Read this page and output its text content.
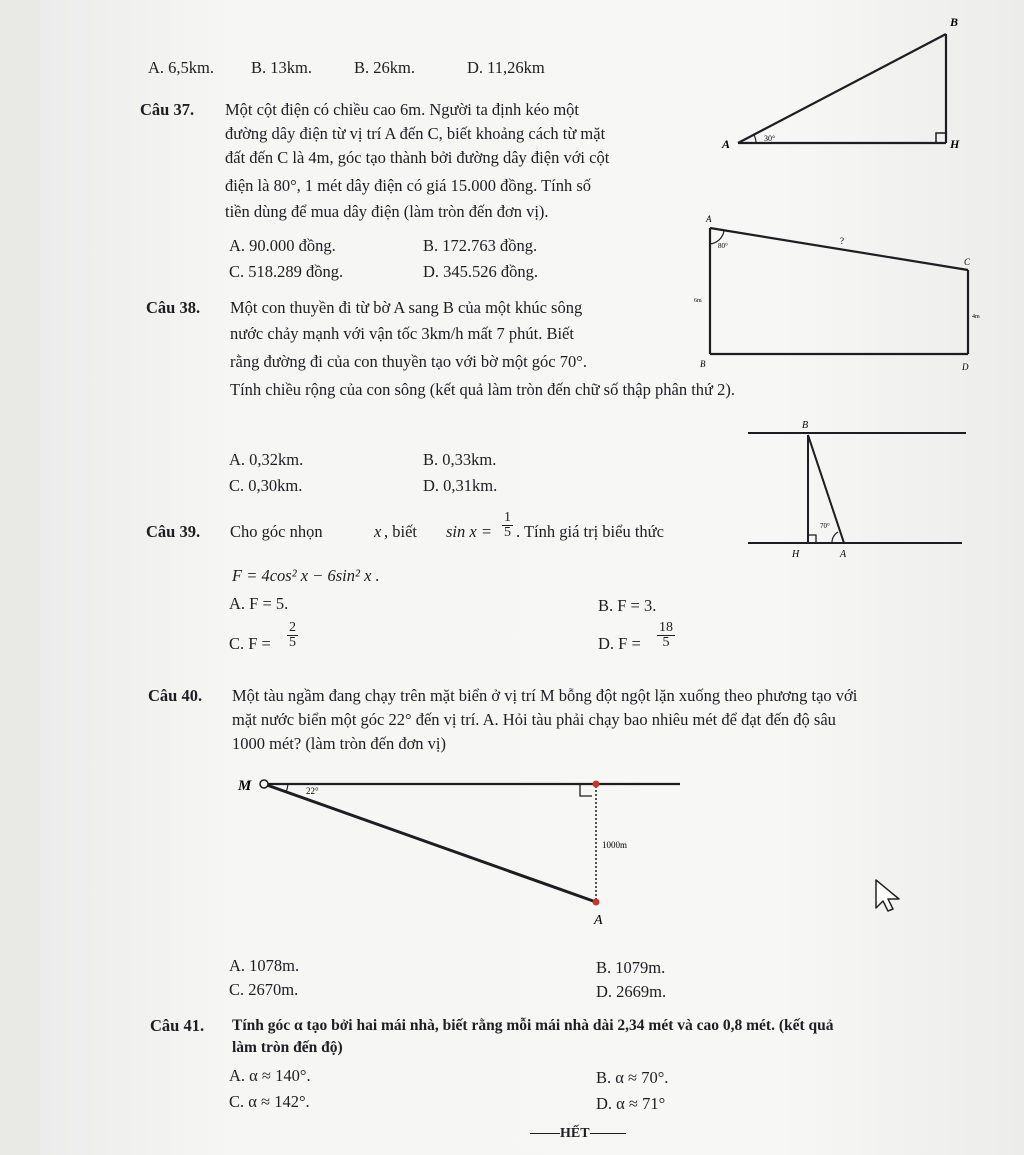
A. 6,5km. B. 13km.	B. 26km.	D. 11,26km
Câu 37. Một cột điện có chiều cao 6m. Người ta định kéo một
đường dây điện từ vị trí A đến C, biết khoảng cách từ mặt
đất đến C là 4m, góc tạo thành bởi đường dây điện với cột
điện là 80°, 1 mét dây điện có giá 15.000 đồng. Tính số
tiền dùng để mua dây điện (làm tròn đến đơn vị).
A. 90.000 đồng.	B. 172.763 đồng.
C. 518.289 đồng.	D. 345.526 đồng.
Câu 38. Một con thuyền đi từ bờ A sang B của một khúc sông
nước chảy mạnh với vận tốc 3km/h mất 7 phút. Biết
rằng đường đi của con thuyền tạo với bờ một góc 70°.
Tính chiều rộng của con sông (kết quả làm tròn đến chữ số thập phân thứ 2).
A. 0,32km.	B. 0,33km.
C. 0,30km.	D. 0,31km.
Câu 39. Cho góc nhọn	x , biết $\sin x = \frac{1}{5}$ . Tính giá trị biểu thức
F = 4cos² x − 6sin² x .
A. F = 5.	B. F = 3.
C. $F = \frac{2}{5}$	D. $F = \frac{18}{5}$
Câu 40. Một tàu ngầm đang chạy trên mặt biển ở vị trí M bỗng đột ngột lặn xuống theo phương tạo với
mặt nước biển một góc 22° đến vị trí. A. Hỏi tàu phải chạy bao nhiêu mét để đạt đến độ sâu
1000 mét? (làm tròn đến đơn vị)
A. 1078m.	B. 1079m.
C. 2670m.	D. 2669m.
Câu 41. Tính góc α tạo bởi hai mái nhà, biết rằng mỗi mái nhà dài 2,34 mét và cao 0,8 mét. (kết quả
làm tròn đến độ)
A. α ≈ 140°.	B. α ≈ 70°.
C. α ≈ 142°.	D. α ≈ 71°
HẾT
B
A	H
30°
A
B
C
D
80°	?
6m
4m
B
H	A
70°
M
A
22°
1000m
